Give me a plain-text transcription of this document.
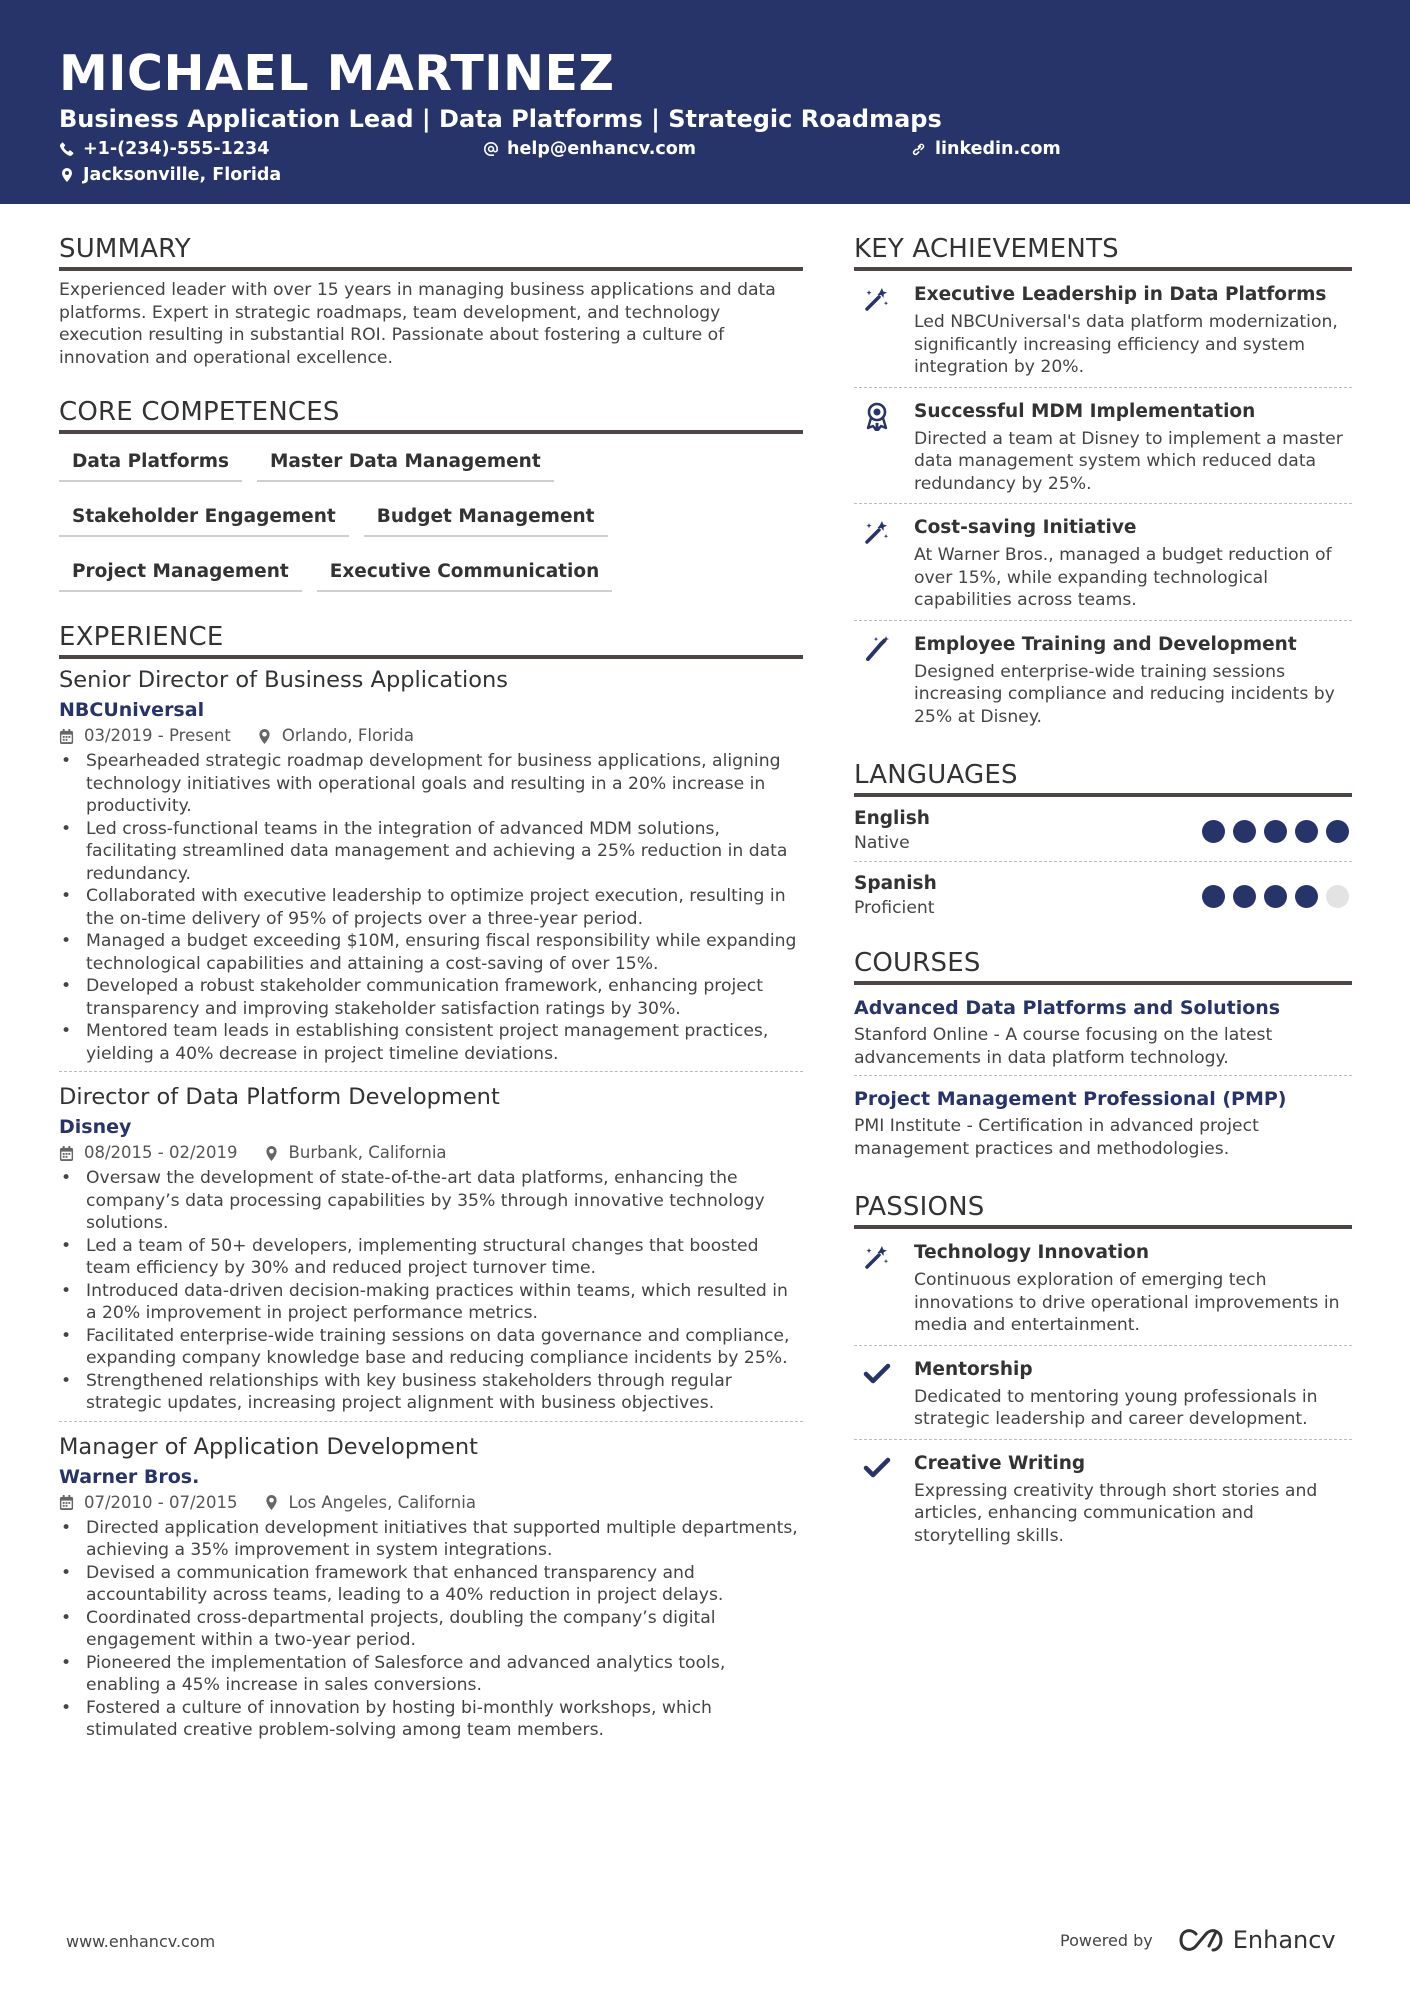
MICHAEL MARTINEZ
Business Application Lead | Data Platforms | Strategic Roadmaps
+1-(234)-555-1234	help@enhancv.com	linkedin.com
Jacksonville, Florida
SUMMARY
Experienced leader with over 15 years in managing business applications and data platforms. Expert in strategic roadmaps, team development, and technology execution resulting in substantial ROI. Passionate about fostering a culture of innovation and operational excellence.
CORE COMPETENCES
Data Platforms	Master Data Management
Stakeholder Engagement	Budget Management
Project Management	Executive Communication
EXPERIENCE
Senior Director of Business Applications
NBCUniversal
03/2019 - Present	Orlando, Florida
• Spearheaded strategic roadmap development for business applications, aligning technology initiatives with operational goals and resulting in a 20% increase in productivity.
• Led cross-functional teams in the integration of advanced MDM solutions, facilitating streamlined data management and achieving a 25% reduction in data redundancy.
• Collaborated with executive leadership to optimize project execution, resulting in the on-time delivery of 95% of projects over a three-year period.
• Managed a budget exceeding $10M, ensuring fiscal responsibility while expanding technological capabilities and attaining a cost-saving of over 15%.
• Developed a robust stakeholder communication framework, enhancing project transparency and improving stakeholder satisfaction ratings by 30%.
• Mentored team leads in establishing consistent project management practices, yielding a 40% decrease in project timeline deviations.
Director of Data Platform Development
Disney
08/2015 - 02/2019	Burbank, California
• Oversaw the development of state-of-the-art data platforms, enhancing the company’s data processing capabilities by 35% through innovative technology solutions.
• Led a team of 50+ developers, implementing structural changes that boosted team efficiency by 30% and reduced project turnover time.
• Introduced data-driven decision-making practices within teams, which resulted in a 20% improvement in project performance metrics.
• Facilitated enterprise-wide training sessions on data governance and compliance, expanding company knowledge base and reducing compliance incidents by 25%.
• Strengthened relationships with key business stakeholders through regular strategic updates, increasing project alignment with business objectives.
Manager of Application Development
Warner Bros.
07/2010 - 07/2015	Los Angeles, California
• Directed application development initiatives that supported multiple departments, achieving a 35% improvement in system integrations.
• Devised a communication framework that enhanced transparency and accountability across teams, leading to a 40% reduction in project delays.
• Coordinated cross-departmental projects, doubling the company’s digital engagement within a two-year period.
• Pioneered the implementation of Salesforce and advanced analytics tools, enabling a 45% increase in sales conversions.
• Fostered a culture of innovation by hosting bi-monthly workshops, which stimulated creative problem-solving among team members.
KEY ACHIEVEMENTS
Executive Leadership in Data Platforms
Led NBCUniversal's data platform modernization, significantly increasing efficiency and system integration by 20%.
Successful MDM Implementation
Directed a team at Disney to implement a master data management system which reduced data redundancy by 25%.
Cost-saving Initiative
At Warner Bros., managed a budget reduction of over 15%, while expanding technological capabilities across teams.
Employee Training and Development
Designed enterprise-wide training sessions increasing compliance and reducing incidents by 25% at Disney.
LANGUAGES
English
Native
Spanish
Proficient
COURSES
Advanced Data Platforms and Solutions
Stanford Online - A course focusing on the latest advancements in data platform technology.
Project Management Professional (PMP)
PMI Institute - Certification in advanced project management practices and methodologies.
PASSIONS
Technology Innovation
Continuous exploration of emerging tech innovations to drive operational improvements in media and entertainment.
Mentorship
Dedicated to mentoring young professionals in strategic leadership and career development.
Creative Writing
Expressing creativity through short stories and articles, enhancing communication and storytelling skills.
www.enhancv.com	Powered by	Enhancv
